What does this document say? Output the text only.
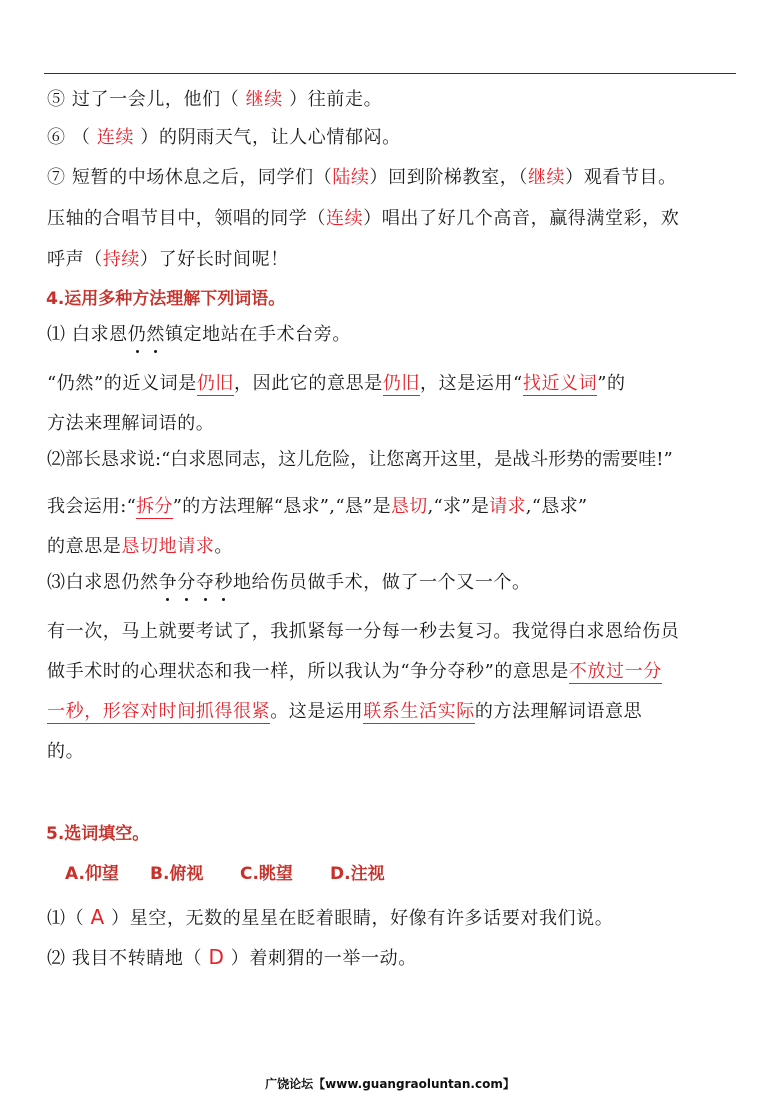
⑤ 过了一会儿，他们（ 继续 ）往前走。
⑥ （ 连续 ）的阴雨天气，让人心情郁闷。
⑦ 短暂的中场休息之后，同学们（陆续）回到阶梯教室，（继续）观看节目。
压轴的合唱节目中，领唱的同学（连续）唱出了好几个高音，赢得满堂彩，欢
呼声（持续）了好长时间呢！
4.运用多种方法理解下列词语。
⑴ 白求恩仍然镇定地站在手术台旁。
“仍然”的近义词是仍旧，因此它的意思是仍旧，这是运用“找近义词”的
方法来理解词语的。
⑵部长恳求说:“白求恩同志，这儿危险，让您离开这里，是战斗形势的需要哇!”
我会运用:“拆分”的方法理解“恳求”,“恳”是恳切,“求”是请求,“恳求”
的意思是恳切地请求。
⑶白求恩仍然争分夺秒地给伤员做手术，做了一个又一个。
有一次，马上就要考试了，我抓紧每一分每一秒去复习。我觉得白求恩给伤员
做手术时的心理状态和我一样，所以我认为“争分夺秒”的意思是不放过一分
一秒，形容对时间抓得很紧。这是运用联系生活实际的方法理解词语意思
的。
5.选词填空。
A.仰望 B.俯视 C.眺望 D.注视
⑴（ A ）星空，无数的星星在眨着眼睛，好像有许多话要对我们说。
⑵ 我目不转睛地（ D ）着刺猬的一举一动。
广饶论坛【www.guangraoluntan.com】
